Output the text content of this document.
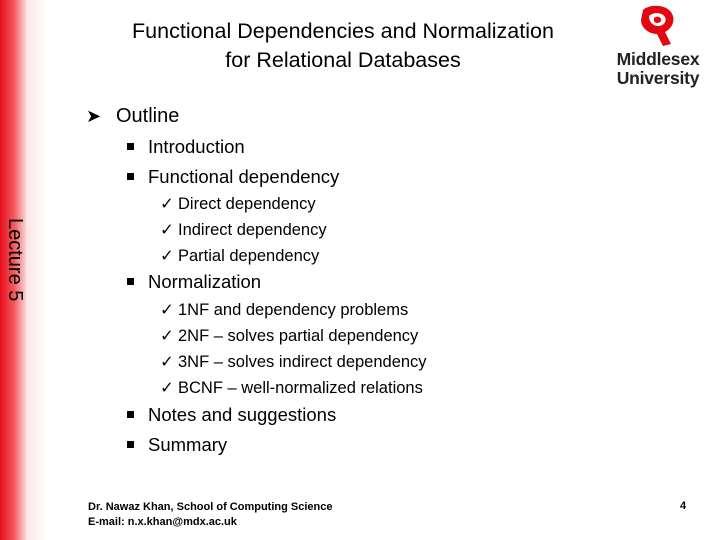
Functional Dependencies and Normalization
for Relational Databases	Middlesex
University
Lecture 5
➤ Outline
Introduction
Functional dependency
✓ Direct dependency
✓ Indirect dependency
✓ Partial dependency
Normalization
✓ 1NF and dependency problems
✓ 2NF – solves partial dependency
✓ 3NF – solves indirect dependency
✓ BCNF – well-normalized relations
Notes and suggestions
Summary
Dr. Nawaz Khan, School of Computing Science
E-mail: n.x.khan@mdx.ac.uk
4
